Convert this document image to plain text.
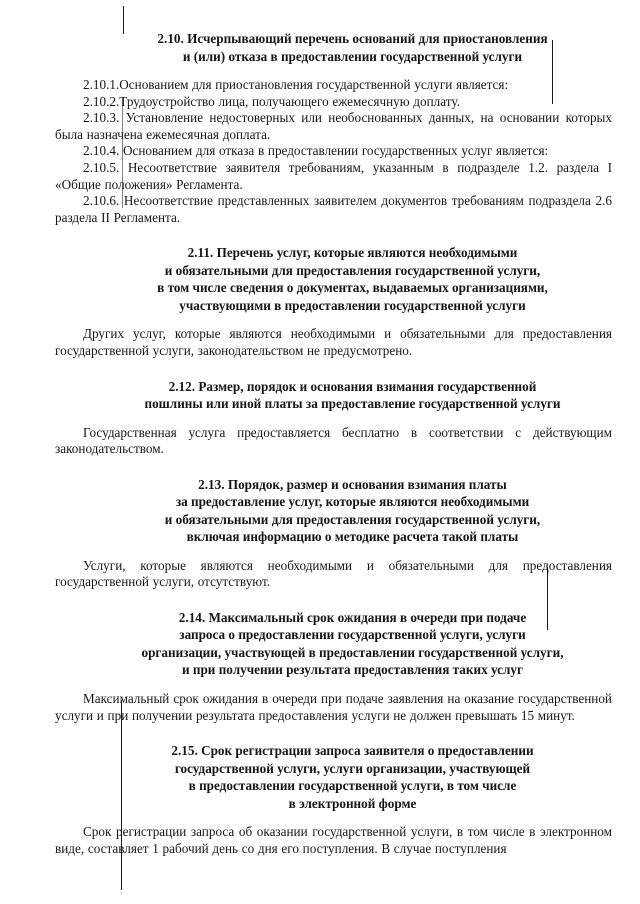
2.10. Исчерпывающий перечень оснований для приостановления
и (или) отказа в предоставлении государственной услуги

2.10.1.Основанием для приостановления государственной услуги является:

2.10.2.Трудоустройство лица, получающего ежемесячную доплату.

2.10.3. Установление недостоверных или необоснованных данных, на основании которых была назначена ежемесячная доплата.

2.10.4. Основанием для отказа в предоставлении государственных услуг является:

2.10.5. Несоответствие заявителя требованиям, указанным в подразделе 1.2. раздела I «Общие положения» Регламента.

2.10.6. Несоответствие представленных заявителем документов требованиям подраздела 2.6 раздела II Регламента.

2.11. Перечень услуг, которые являются необходимыми
и обязательными для предоставления государственной услуги,
в том числе сведения о документах, выдаваемых организациями,
участвующими в предоставлении государственной услуги

Других услуг, которые являются необходимыми и обязательными для предоставления государственной услуги, законодательством не предусмотрено.

2.12. Размер, порядок и основания взимания государственной
пошлины или иной платы за предоставление государственной услуги

Государственная услуга предоставляется бесплатно в соответствии с действующим законодательством.

2.13. Порядок, размер и основания взимания платы
за предоставление услуг, которые являются необходимыми
и обязательными для предоставления государственной услуги,
включая информацию о методике расчета такой платы

Услуги, которые являются необходимыми и обязательными для предоставления государственной услуги, отсутствуют.

2.14. Максимальный срок ожидания в очереди при подаче
запроса о предоставлении государственной услуги, услуги
организации, участвующей в предоставлении государственной услуги,
и при получении результата предоставления таких услуг

Максимальный срок ожидания в очереди при подаче заявления на оказание государственной услуги и при получении результата предоставления услуги не должен превышать 15 минут.

2.15. Срок регистрации запроса заявителя о предоставлении
государственной услуги, услуги организации, участвующей
в предоставлении государственной услуги, в том числе
в электронной форме

Срок регистрации запроса об оказании государственной услуги, в том числе в электронном виде, составляет 1 рабочий день со дня его поступления. В случае поступления
